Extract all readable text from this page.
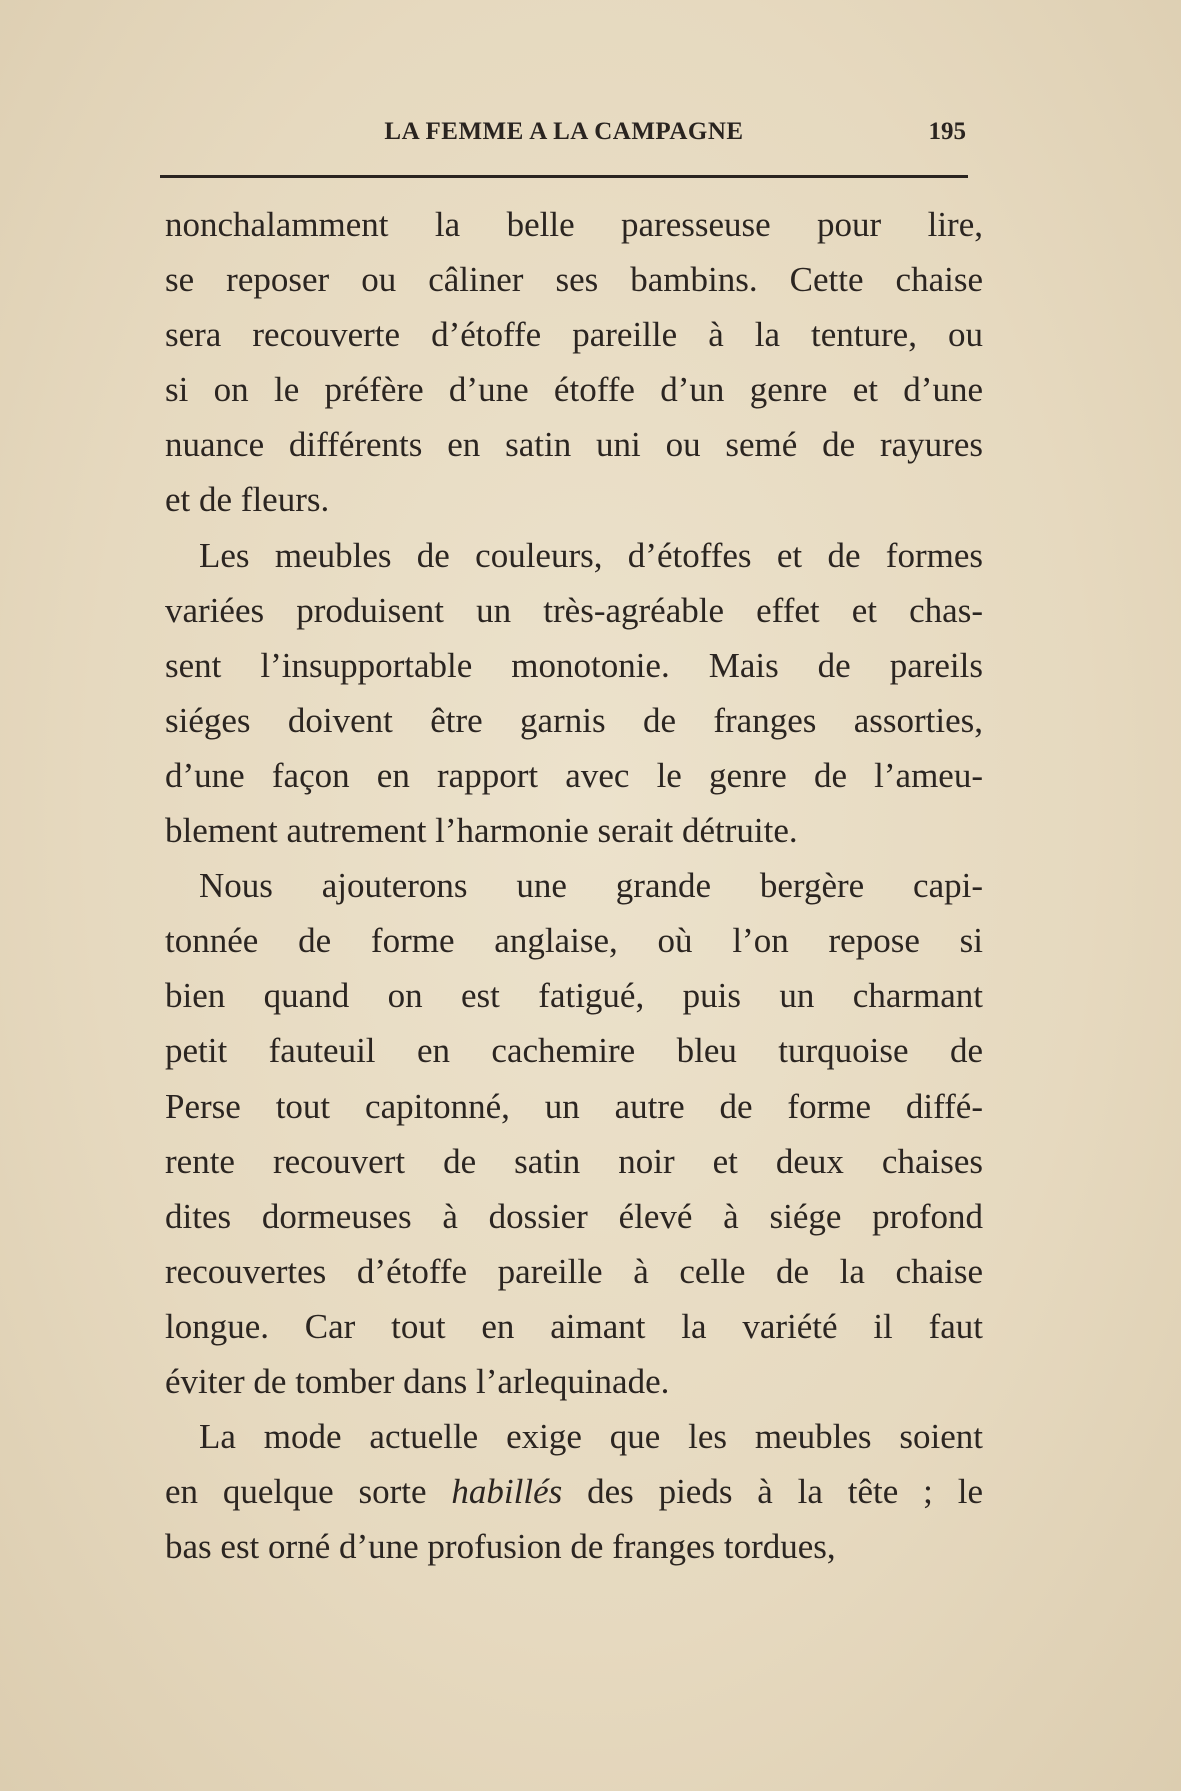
LA FEMME A LA CAMPAGNE	195
nonchalamment la belle paresseuse pour lire,
se reposer ou câliner ses bambins. Cette chaise
sera recouverte d’étoffe pareille à la tenture, ou
si on le préfère d’une étoffe d’un genre et d’une
nuance différents en satin uni ou semé de rayures
et de fleurs.
Les meubles de couleurs, d’étoffes et de formes
variées produisent un très-agréable effet et chas-
sent l’insupportable monotonie. Mais de pareils
siéges doivent être garnis de franges assorties,
d’une façon en rapport avec le genre de l’ameu-
blement autrement l’harmonie serait détruite.
Nous ajouterons une grande bergère capi-
tonnée de forme anglaise, où l’on repose si
bien quand on est fatigué, puis un charmant
petit fauteuil en cachemire bleu turquoise de
Perse tout capitonné, un autre de forme diffé-
rente recouvert de satin noir et deux chaises
dites dormeuses à dossier élevé à siége profond
recouvertes d’étoffe pareille à celle de la chaise
longue. Car tout en aimant la variété il faut
éviter de tomber dans l’arlequinade.
La mode actuelle exige que les meubles soient
en quelque sorte habillés des pieds à la tête ; le
bas est orné d’une profusion de franges tordues,
